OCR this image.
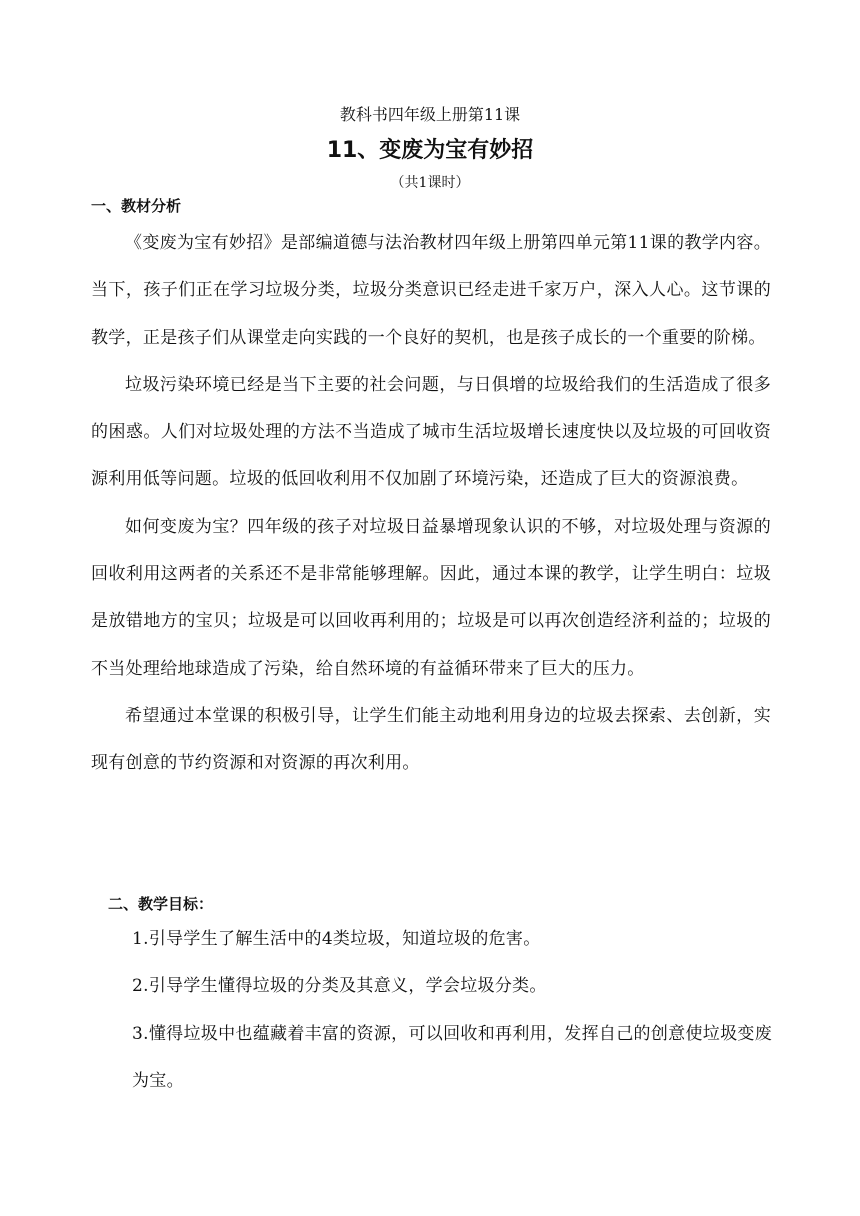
教科书四年级上册第11课
11、变废为宝有妙招
（共1课时）
一、教材分析

《变废为宝有妙招》是部编道德与法治教材四年级上册第四单元第11课的教学内容。当下，孩子们正在学习垃圾分类，垃圾分类意识已经走进千家万户，深入人心。这节课的教学，正是孩子们从课堂走向实践的一个良好的契机，也是孩子成长的一个重要的阶梯。

垃圾污染环境已经是当下主要的社会问题，与日俱增的垃圾给我们的生活造成了很多的困惑。人们对垃圾处理的方法不当造成了城市生活垃圾增长速度快以及垃圾的可回收资源利用低等问题。垃圾的低回收利用不仅加剧了环境污染，还造成了巨大的资源浪费。

如何变废为宝？四年级的孩子对垃圾日益暴增现象认识的不够，对垃圾处理与资源的回收利用这两者的关系还不是非常能够理解。因此，通过本课的教学，让学生明白：垃圾是放错地方的宝贝；垃圾是可以回收再利用的；垃圾是可以再次创造经济利益的；垃圾的不当处理给地球造成了污染，给自然环境的有益循环带来了巨大的压力。

希望通过本堂课的积极引导，让学生们能主动地利用身边的垃圾去探索、去创新，实现有创意的节约资源和对资源的再次利用。

二、教学目标：

1.引导学生了解生活中的4类垃圾，知道垃圾的危害。

2.引导学生懂得垃圾的分类及其意义，学会垃圾分类。

3.懂得垃圾中也蕴藏着丰富的资源，可以回收和再利用，发挥自己的创意使垃圾变废为宝。
